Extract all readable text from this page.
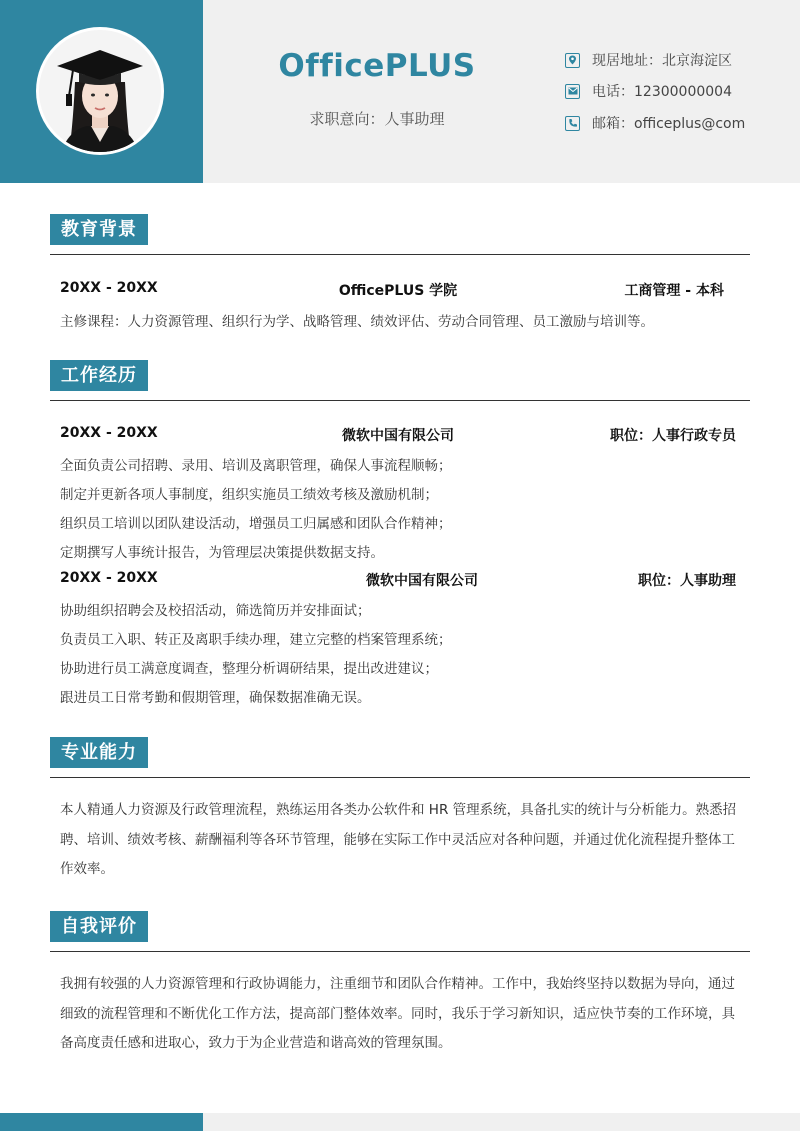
OfficePLUS
求职意向：人事助理
现居地址：北京海淀区
电话：12300000004
邮箱：officeplus@com
教育背景
20XX - 20XX	OfficePLUS 学院	工商管理 - 本科
主修课程：人力资源管理、组织行为学、战略管理、绩效评估、劳动合同管理、员工激励与培训等。
工作经历
20XX - 20XX	微软中国有限公司	职位：人事行政专员
全面负责公司招聘、录用、培训及离职管理，确保人事流程顺畅；
制定并更新各项人事制度，组织实施员工绩效考核及激励机制；
组织员工培训以团队建设活动，增强员工归属感和团队合作精神；
定期撰写人事统计报告，为管理层决策提供数据支持。
20XX - 20XX	微软中国有限公司	职位：人事助理
协助组织招聘会及校招活动，筛选简历并安排面试；
负责员工入职、转正及离职手续办理，建立完整的档案管理系统；
协助进行员工满意度调查，整理分析调研结果，提出改进建议；
跟进员工日常考勤和假期管理，确保数据准确无误。
专业能力
本人精通人力资源及行政管理流程，熟练运用各类办公软件和 HR 管理系统，具备扎实的统计与分析能力。熟悉招聘、培训、绩效考核、薪酬福利等各环节管理，能够在实际工作中灵活应对各种问题，并通过优化流程提升整体工作效率。
自我评价
我拥有较强的人力资源管理和行政协调能力，注重细节和团队合作精神。工作中，我始终坚持以数据为导向，通过细致的流程管理和不断优化工作方法，提高部门整体效率。同时，我乐于学习新知识，适应快节奏的工作环境，具备高度责任感和进取心，致力于为企业营造和谐高效的管理氛围。
